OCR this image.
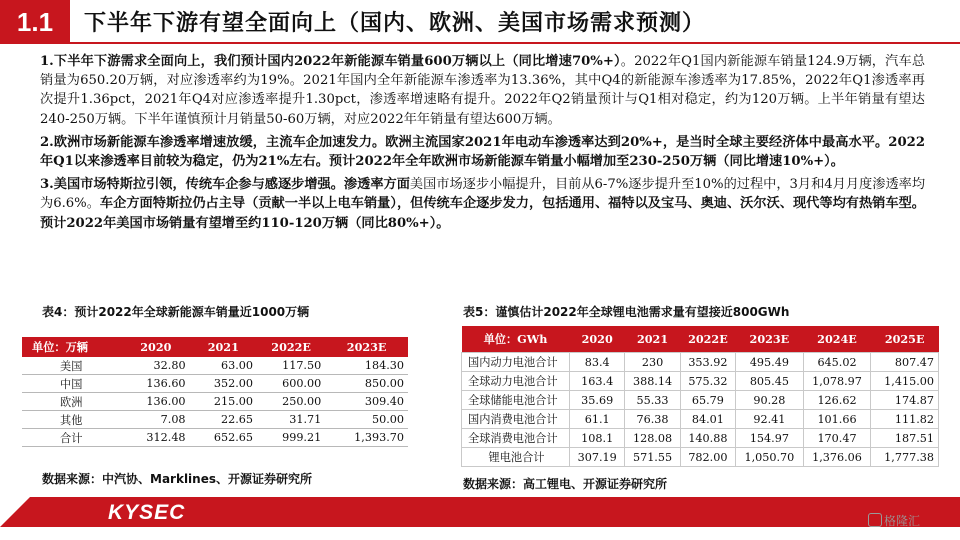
1.1	下半年下游有望全面向上（国内、欧洲、美国市场需求预测）

1.下半年下游需求全面向上，我们预计国内2022年新能源车销量600万辆以上（同比增速70%+）。2022年Q1国内新能源车销量124.9万辆，汽车总销量为650.20万辆，对应渗透率约为19%。2021年国内全年新能源车渗透率为13.36%，其中Q4的新能源车渗透率为17.85%，2022年Q1渗透率再次提升1.36pct，2021年Q4对应渗透率提升1.30pct，渗透率增速略有提升。2022年Q2销量预计与Q1相对稳定，约为120万辆。上半年销量有望达240-250万辆。下半年谨慎预计月销量50-60万辆，对应2022年年销量有望达600万辆。

2.欧洲市场新能源车渗透率增速放缓，主流车企加速发力。欧洲主流国家2021年电动车渗透率达到20%+，是当时全球主要经济体中最高水平。2022年Q1以来渗透率目前较为稳定，仍为21%左右。预计2022年全年欧洲市场新能源车销量小幅增加至230-250万辆（同比增速10%+）。

3.美国市场特斯拉引领，传统车企参与感逐步增强。渗透率方面美国市场逐步小幅提升，目前从6-7%逐步提升至10%的过程中，3月和4月月度渗透率均为6.6%。车企方面特斯拉仍占主导（贡献一半以上电车销量），但传统车企逐步发力，包括通用、福特以及宝马、奥迪、沃尔沃、现代等均有热销车型。预计2022年美国市场销量有望增至约110-120万辆（同比80%+）。

表4：预计2022年全球新能源车销量近1000万辆
单位：万辆	2020	2021	2022E	2023E
美国	32.80	63.00	117.50	184.30
中国	136.60	352.00	600.00	850.00
欧洲	136.00	215.00	250.00	309.40
其他	7.08	22.65	31.71	50.00
合计	312.48	652.65	999.21	1,393.70
数据来源：中汽协、Marklines、开源证券研究所
表5：谨慎估计2022年全球锂电池需求量有望接近800GWh
单位：GWh	2020	2021	2022E	2023E	2024E	2025E
国内动力电池合计	83.4	230	353.92	495.49	645.02	807.47
全球动力电池合计	163.4	388.14	575.32	805.45	1,078.97	1,415.00
全球储能电池合计	35.69	55.33	65.79	90.28	126.62	174.87
国内消费电池合计	61.1	76.38	84.01	92.41	101.66	111.82
全球消费电池合计	108.1	128.08	140.88	154.97	170.47	187.51
锂电池合计	307.19	571.55	782.00	1,050.70	1,376.06	1,777.38
数据来源：高工锂电、开源证券研究所
KYSEC	格隆汇
